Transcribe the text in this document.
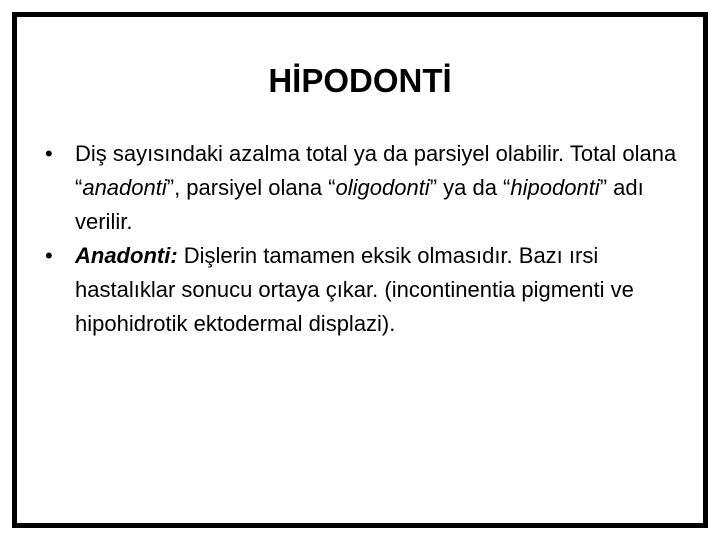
HİPODONTİ
• Diş sayısındaki azalma total ya da parsiyel olabilir. Total olana “anadonti”, parsiyel olana “oligodonti” ya da “hipodonti” adı verilir.
• Anadonti: Dişlerin tamamen eksik olmasıdır. Bazı ırsi hastalıklar sonucu ortaya çıkar. (incontinentia pigmenti ve hipohidrotik ektodermal displazi).
